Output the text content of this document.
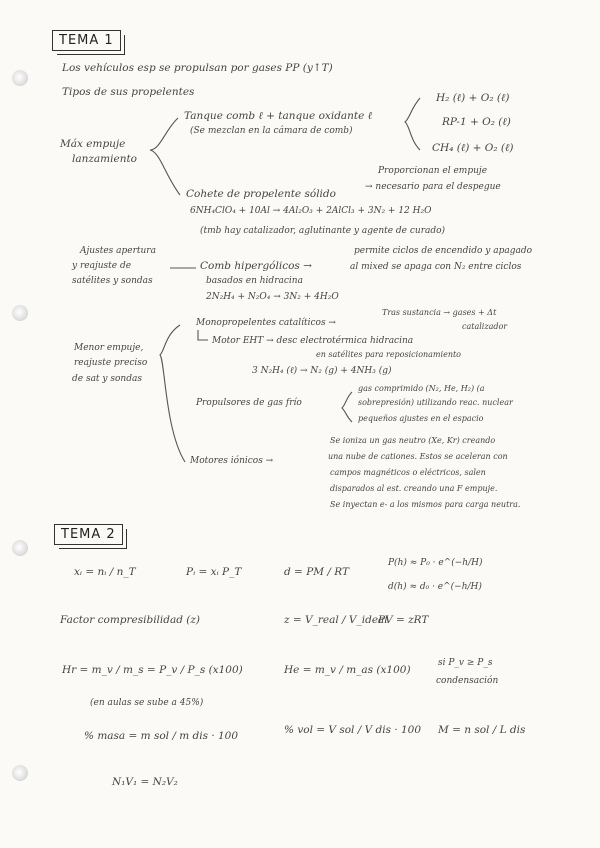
TEMA 1
Los vehículos esp se propulsan por gases PP (y↑T)
Tipos de sus propelentes
Máx empuje
lanzamiento
Tanque comb ℓ + tanque oxidante ℓ
(Se mezclan en la cámara de comb)
H₂ (ℓ) + O₂ (ℓ)
RP-1 + O₂ (ℓ)
CH₄ (ℓ) + O₂ (ℓ)
Proporcionan el empuje
Cohete de propelente sólido
→ necesario para el despegue
6NH₄ClO₄ + 10Al → 4Al₂O₃ + 2AlCl₃ + 3N₂ + 12 H₂O
(tmb hay catalizador, aglutinante y agente de curado)
Ajustes apertura
y reajuste de
satélites y sondas
Comb hipergólicos →
basados en hidracina
permite ciclos de encendido y apagado
al mixed se apaga con N₂ entre ciclos
2N₂H₄ + N₂O₄ → 3N₂ + 4H₂O
Menor empuje,
reajuste preciso
de sat y sondas
Monopropelentes catalíticos →
Tras sustancia → gases + Δt
catalizador
Motor EHT → desc electrotérmica hidracina
en satélites para reposicionamiento
3 N₂H₄ (ℓ) → N₂ (g) + 4NH₃ (g)
Propulsores de gas frío
gas comprimido (N₂, He, H₂) (a
sobrepresión) utilizando reac. nuclear
pequeños ajustes en el espacio
Motores iónicos →
Se ioniza un gas neutro (Xe, Kr) creando
una nube de cationes. Estos se aceleran con
campos magnéticos o eléctricos, salen
disparados al est. creando una F empuje.
Se inyectan e- a los mismos para carga neutra.
TEMA 2
xᵢ = nᵢ / n_T	Pᵢ = xᵢ P_T	d = PM / RT
P(h) ≈ P₀ · e^(−h/H)
d(h) ≈ d₀ · e^(−h/H)
Factor compresibilidad (z)	z = V_real / V_ideal
PV = zRT
Hr = m_v / m_s = P_v / P_s (x100)	He = m_v / m_as (x100)
si P_v ≥ P_s
condensación
(en aulas se sube a 45%)
% masa = m sol / m dis · 100	% vol = V sol / V dis · 100 M = n sol / L dis
N₁V₁ = N₂V₂
